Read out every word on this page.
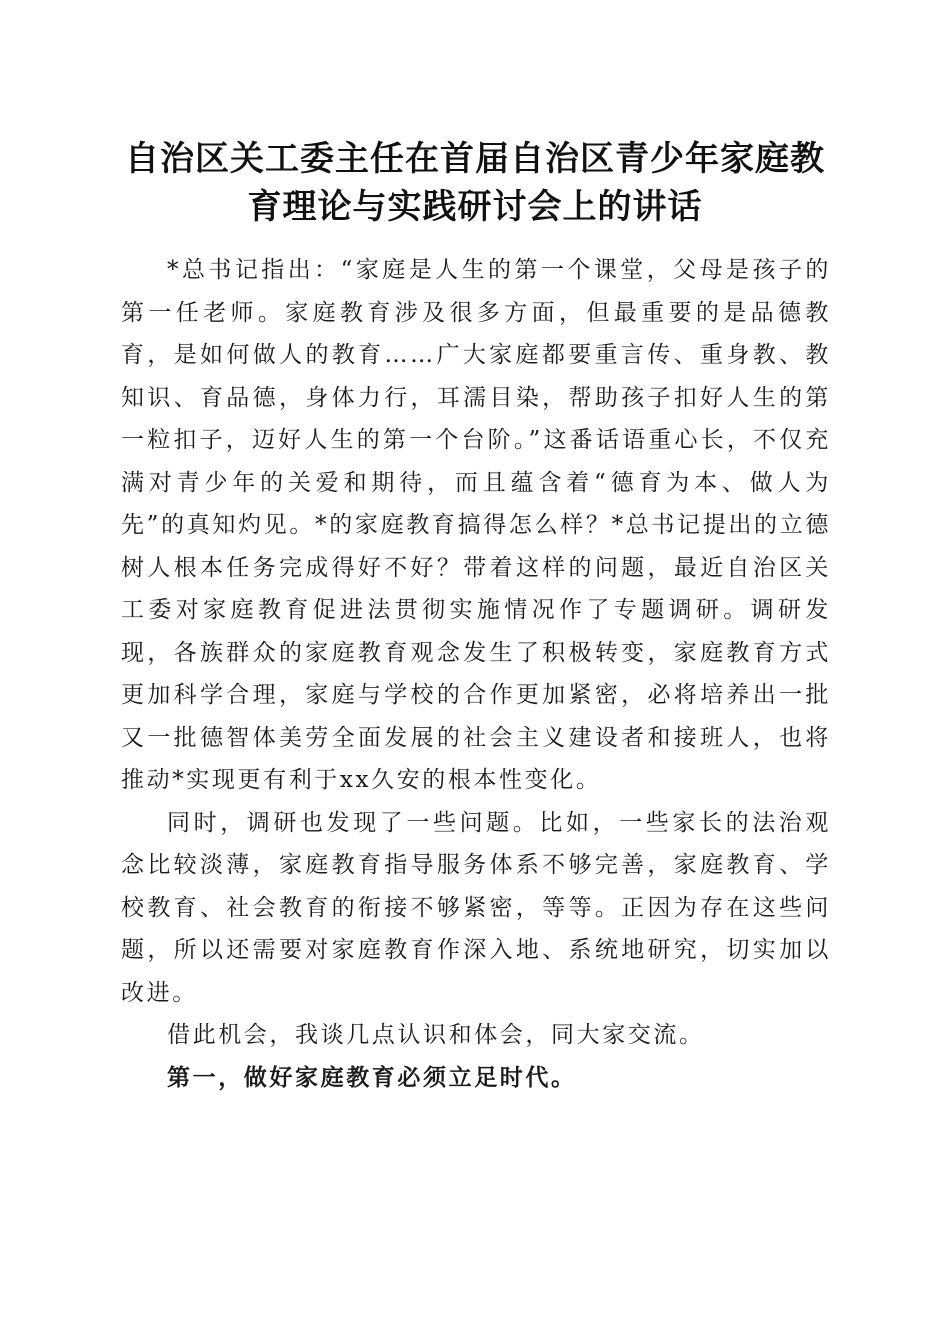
自治区关工委主任在首届自治区青少年家庭教
育理论与实践研讨会上的讲话

*总书记指出：“家庭是人生的第一个课堂，父母是孩子的第一任老师。家庭教育涉及很多方面，但最重要的是品德教育，是如何做人的教育……广大家庭都要重言传、重身教、教知识、育品德，身体力行，耳濡目染，帮助孩子扣好人生的第一粒扣子，迈好人生的第一个台阶。”这番话语重心长，不仅充满对青少年的关爱和期待，而且蕴含着“德育为本、做人为先”的真知灼见。*的家庭教育搞得怎么样？*总书记提出的立德树人根本任务完成得好不好？带着这样的问题，最近自治区关工委对家庭教育促进法贯彻实施情况作了专题调研。调研发现，各族群众的家庭教育观念发生了积极转变，家庭教育方式更加科学合理，家庭与学校的合作更加紧密，必将培养出一批又一批德智体美劳全面发展的社会主义建设者和接班人，也将推动*实现更有利于xx久安的根本性变化。

同时，调研也发现了一些问题。比如，一些家长的法治观念比较淡薄，家庭教育指导服务体系不够完善，家庭教育、学校教育、社会教育的衔接不够紧密，等等。正因为存在这些问题，所以还需要对家庭教育作深入地、系统地研究，切实加以改进。

借此机会，我谈几点认识和体会，同大家交流。

第一，做好家庭教育必须立足时代。
